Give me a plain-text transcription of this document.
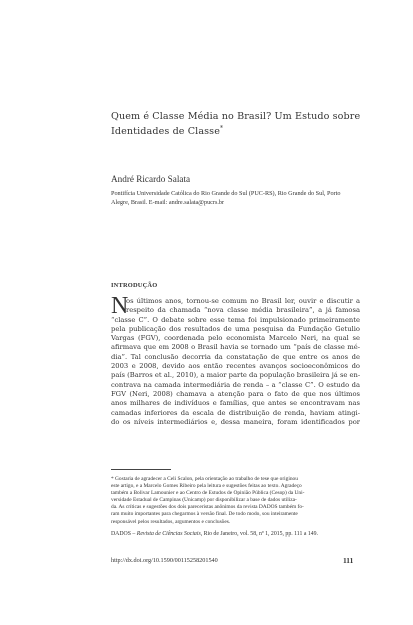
Quem é Classe Média no Brasil? Um Estudo sobre
Identidades de Classe*
André Ricardo Salata
Pontifícia Universidade Católica do Rio Grande do Sul (PUC-RS), Rio Grande do Sul, Porto
Alegre, Brasil. E-mail: andre.salata@pucrs.br
INTRODUÇÃO
N
os últimos anos, tornou-se comum no Brasil ler, ouvir e discutir a
respeito da chamada “nova classe média brasileira”, a já famosa
“classe C”. O debate sobre esse tema foi impulsionado primeiramente
pela publicação dos resultados de uma pesquisa da Fundação Getulio
Vargas (FGV), coordenada pelo economista Marcelo Neri, na qual se
afirmava que em 2008 o Brasil havia se tornado um “país de classe mé-
dia”. Tal conclusão decorria da constatação de que entre os anos de
2003 e 2008, devido aos então recentes avanços socioeconômicos do
país (Barros et al., 2010), a maior parte da população brasileira já se en-
contrava na camada intermediária de renda – a “classe C”. O estudo da
FGV (Neri, 2008) chamava a atenção para o fato de que nos últimos
anos milhares de indivíduos e famílias, que antes se encontravam nas
camadas inferiores da escala de distribuição de renda, haviam atingi-
do os níveis intermediários e, dessa maneira, foram identificados por
* Gostaria de agradecer a Celi Scalon, pela orientação ao trabalho de tese que originou
este artigo, e a Marcelo Gomes Ribeiro pela leitura e sugestões feitas ao texto. Agradeço
também a Bolivar Lamounier e ao Centro de Estudos de Opinião Pública (Cesop) da Uni-
versidade Estadual de Campinas (Unicamp) por disponibilizar a base de dados utiliza-
da. As críticas e sugestões dos dois pareceristas anônimos da revista DADOS também fo-
ram muito importantes para chegarmos à versão final. De todo modo, sou inteiramente
responsável pelos resultados, argumentos e conclusões.
DADOS – Revista de Ciências Sociais, Rio de Janeiro, vol. 58, nº 1, 2015, pp. 111 a 149.
http://dx.doi.org/10.1590/00115258201540	111
